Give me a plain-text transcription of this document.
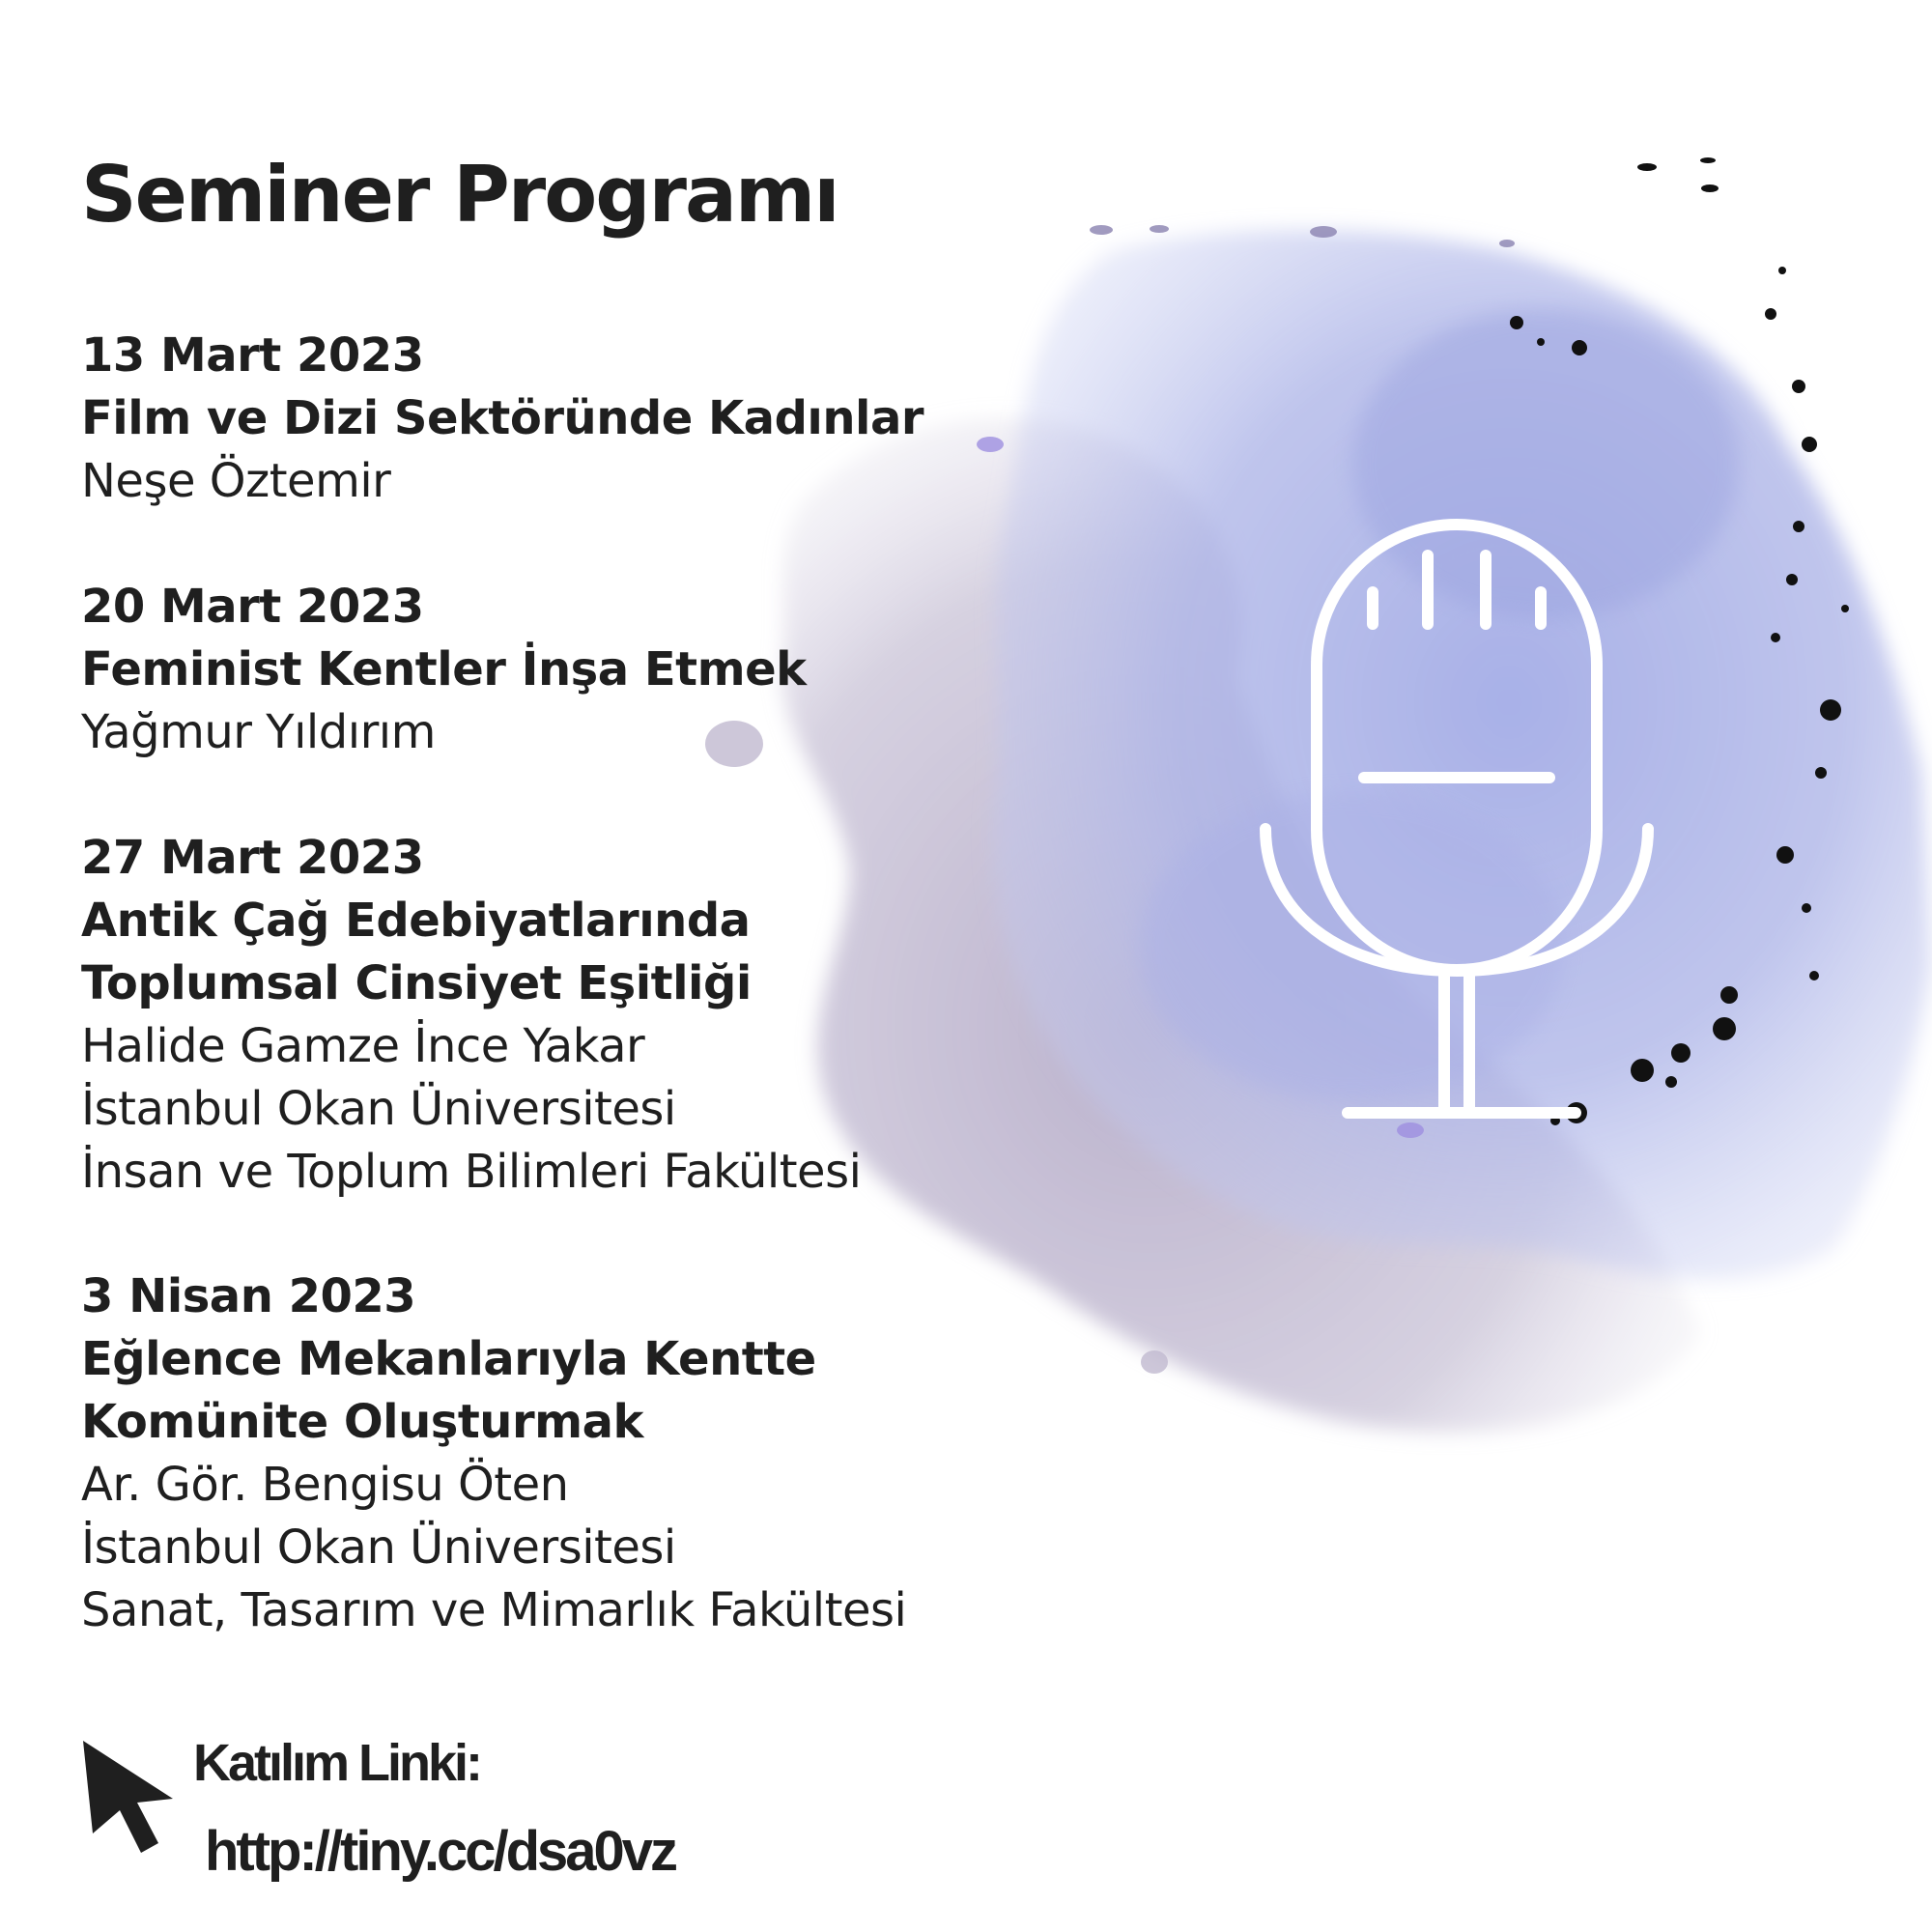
Seminer Programı
13 Mart 2023
Film ve Dizi Sektöründe Kadınlar
Neşe Öztemir
20 Mart 2023
Feminist Kentler İnşa Etmek
Yağmur Yıldırım
27 Mart 2023
Antik Çağ Edebiyatlarında
Toplumsal Cinsiyet Eşitliği
Halide Gamze İnce Yakar
İstanbul Okan Üniversitesi
İnsan ve Toplum Bilimleri Fakültesi
3 Nisan 2023
Eğlence Mekanlarıyla Kentte
Komünite Oluşturmak
Ar. Gör. Bengisu Öten
İstanbul Okan Üniversitesi
Sanat, Tasarım ve Mimarlık Fakültesi
Katılım Linki:
http://tiny.cc/dsa0vz
